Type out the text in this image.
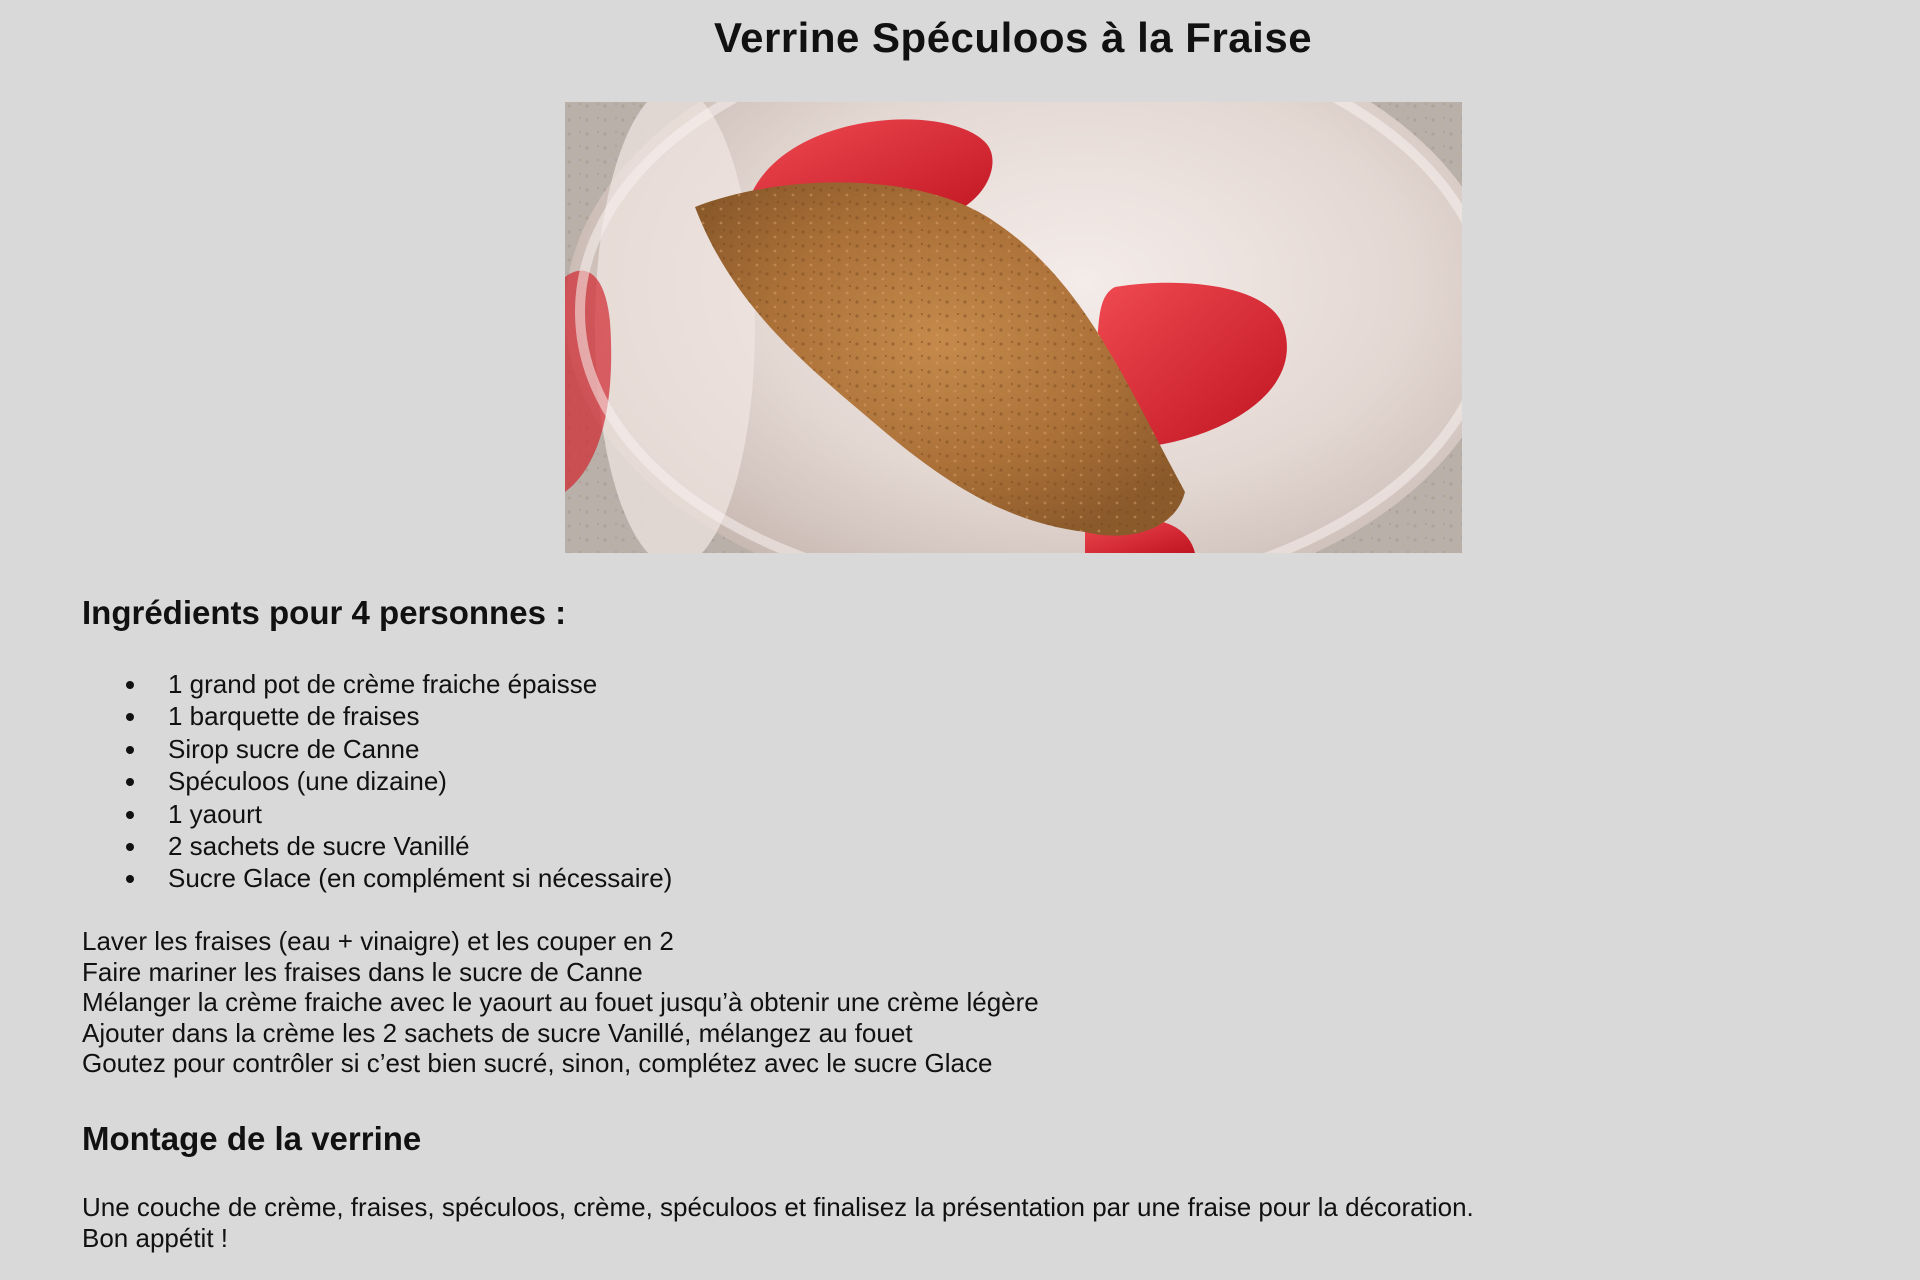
Verrine Spéculoos à la Fraise
Ingrédients pour 4 personnes :
1 grand pot de crème fraiche épaisse
1 barquette de fraises
Sirop sucre de Canne
Spéculoos (une dizaine)
1 yaourt
2 sachets de sucre Vanillé
Sucre Glace (en complément si nécessaire)
Laver les fraises (eau + vinaigre) et les couper en 2
Faire mariner les fraises dans le sucre de Canne
Mélanger la crème fraiche avec le yaourt au fouet jusqu’à obtenir une crème légère
Ajouter dans la crème les 2 sachets de sucre Vanillé, mélangez au fouet
Goutez pour contrôler si c’est bien sucré, sinon, complétez avec le sucre Glace
Montage de la verrine
Une couche de crème, fraises, spéculoos, crème, spéculoos et finalisez la présentation par une fraise pour la décoration.
Bon appétit !
